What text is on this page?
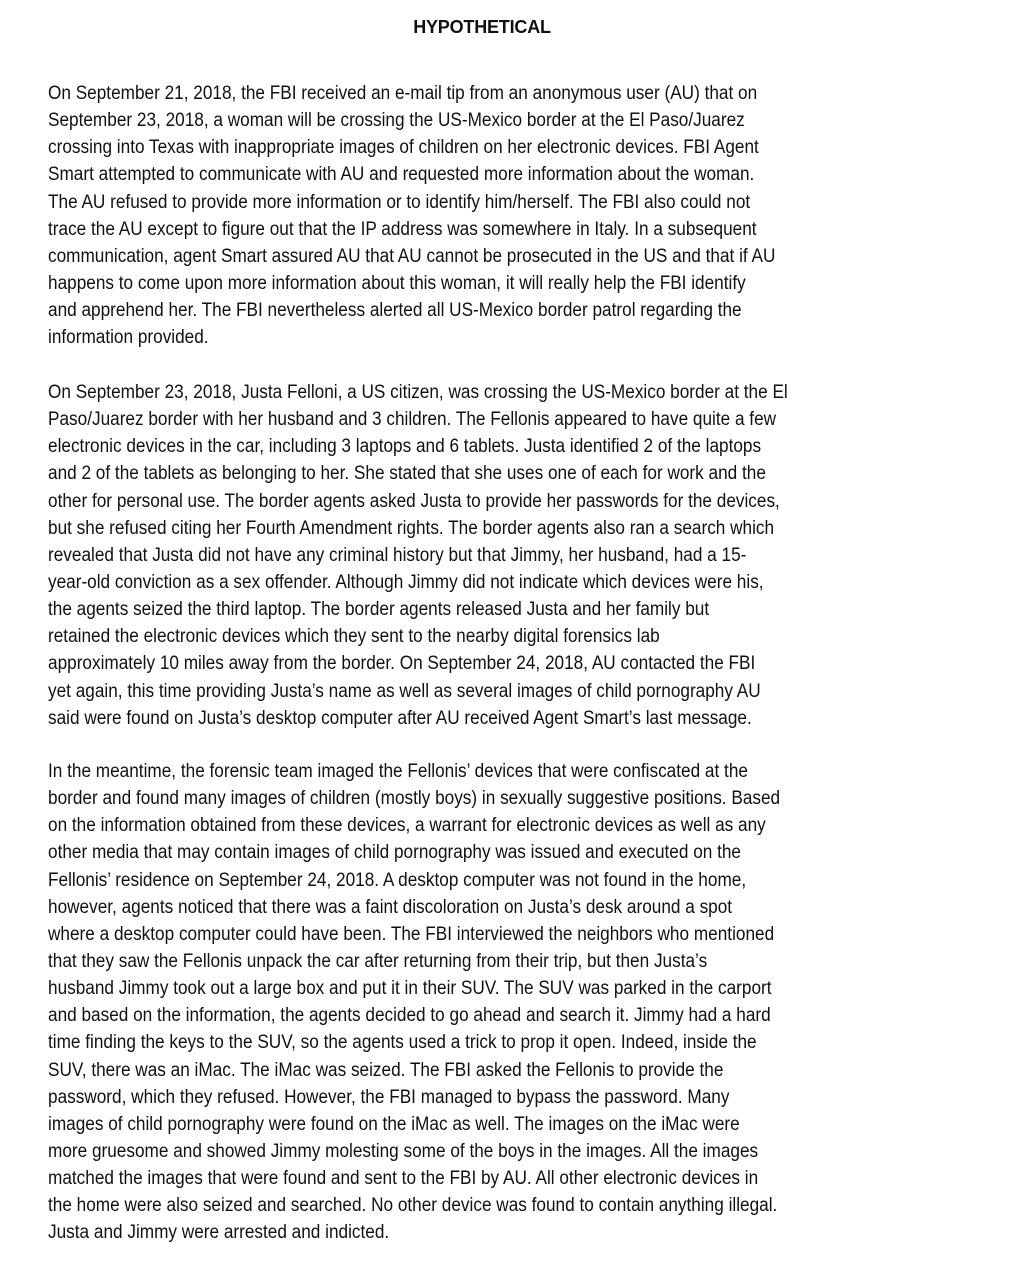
HYPOTHETICAL
On September 21, 2018, the FBI received an e-mail tip from an anonymous user (AU) that on
September 23, 2018, a woman will be crossing the US-Mexico border at the El Paso/Juarez
crossing into Texas with inappropriate images of children on her electronic devices. FBI Agent
Smart attempted to communicate with AU and requested more information about the woman.
The AU refused to provide more information or to identify him/herself. The FBI also could not
trace the AU except to figure out that the IP address was somewhere in Italy. In a subsequent
communication, agent Smart assured AU that AU cannot be prosecuted in the US and that if AU
happens to come upon more information about this woman, it will really help the FBI identify
and apprehend her. The FBI nevertheless alerted all US-Mexico border patrol regarding the
information provided.
On September 23, 2018, Justa Felloni, a US citizen, was crossing the US-Mexico border at the El
Paso/Juarez border with her husband and 3 children. The Fellonis appeared to have quite a few
electronic devices in the car, including 3 laptops and 6 tablets. Justa identified 2 of the laptops
and 2 of the tablets as belonging to her. She stated that she uses one of each for work and the
other for personal use. The border agents asked Justa to provide her passwords for the devices,
but she refused citing her Fourth Amendment rights. The border agents also ran a search which
revealed that Justa did not have any criminal history but that Jimmy, her husband, had a 15-
year-old conviction as a sex offender. Although Jimmy did not indicate which devices were his,
the agents seized the third laptop. The border agents released Justa and her family but
retained the electronic devices which they sent to the nearby digital forensics lab
approximately 10 miles away from the border. On September 24, 2018, AU contacted the FBI
yet again, this time providing Justa’s name as well as several images of child pornography AU
said were found on Justa’s desktop computer after AU received Agent Smart’s last message.
In the meantime, the forensic team imaged the Fellonis’ devices that were confiscated at the
border and found many images of children (mostly boys) in sexually suggestive positions. Based
on the information obtained from these devices, a warrant for electronic devices as well as any
other media that may contain images of child pornography was issued and executed on the
Fellonis’ residence on September 24, 2018. A desktop computer was not found in the home,
however, agents noticed that there was a faint discoloration on Justa’s desk around a spot
where a desktop computer could have been. The FBI interviewed the neighbors who mentioned
that they saw the Fellonis unpack the car after returning from their trip, but then Justa’s
husband Jimmy took out a large box and put it in their SUV. The SUV was parked in the carport
and based on the information, the agents decided to go ahead and search it. Jimmy had a hard
time finding the keys to the SUV, so the agents used a trick to prop it open. Indeed, inside the
SUV, there was an iMac. The iMac was seized. The FBI asked the Fellonis to provide the
password, which they refused. However, the FBI managed to bypass the password. Many
images of child pornography were found on the iMac as well. The images on the iMac were
more gruesome and showed Jimmy molesting some of the boys in the images. All the images
matched the images that were found and sent to the FBI by AU. All other electronic devices in
the home were also seized and searched. No other device was found to contain anything illegal.
Justa and Jimmy were arrested and indicted.
